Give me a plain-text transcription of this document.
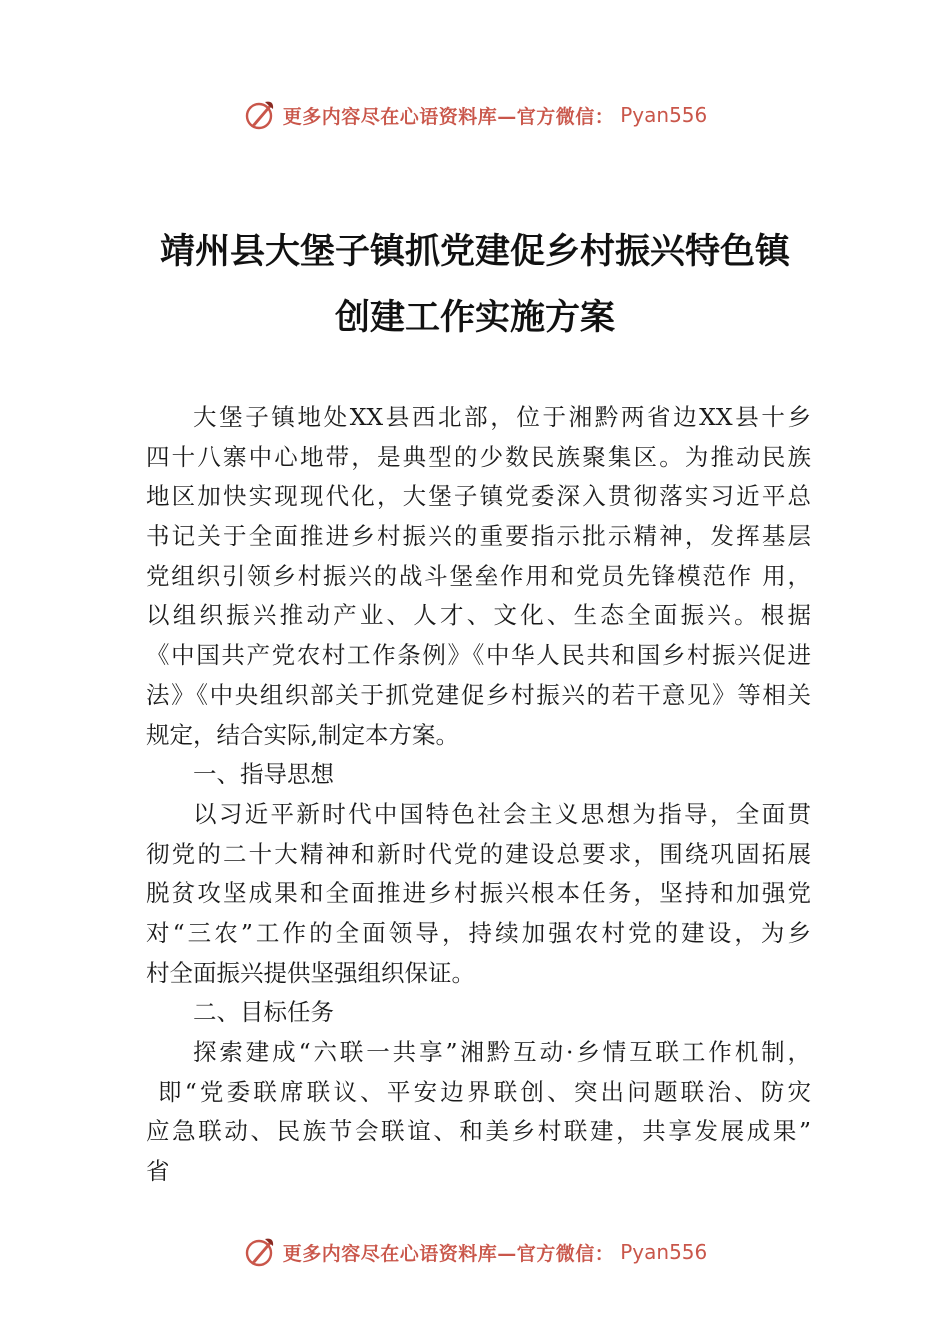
更多内容尽在心语资料库—官方微信： Pyan556
靖州县大堡子镇抓党建促乡村振兴特色镇
创建工作实施方案
大堡子镇地处XX县西北部，位于湘黔两省边XX县十乡
四十八寨中心地带，是典型的少数民族聚集区。为推动民族
地区加快实现现代化，大堡子镇党委深入贯彻落实习近平总
书记关于全面推进乡村振兴的重要指示批示精神，发挥基层
党组织引领乡村振兴的战斗堡垒作用和党员先锋模范作 用，
以组织振兴推动产业、人才、文化、生态全面振兴。根据
《中国共产党农村工作条例》《中华人民共和国乡村振兴促进
法》《中央组织部关于抓党建促乡村振兴的若干意见》等相关
规定，结合实际,制定本方案。
一、指导思想
以习近平新时代中国特色社会主义思想为指导，全面贯
彻党的二十大精神和新时代党的建设总要求，围绕巩固拓展
脱贫攻坚成果和全面推进乡村振兴根本任务，坚持和加强党
对“三农”工作的全面领导，持续加强农村党的建设，为乡
村全面振兴提供坚强组织保证。
二、目标任务
探索建成“六联一共享”湘黔互动·乡情互联工作机制，
即“党委联席联议、平安边界联创、突出问题联治、防灾
应急联动、民族节会联谊、和美乡村联建，共享发展成果”
省
更多内容尽在心语资料库—官方微信： Pyan556
